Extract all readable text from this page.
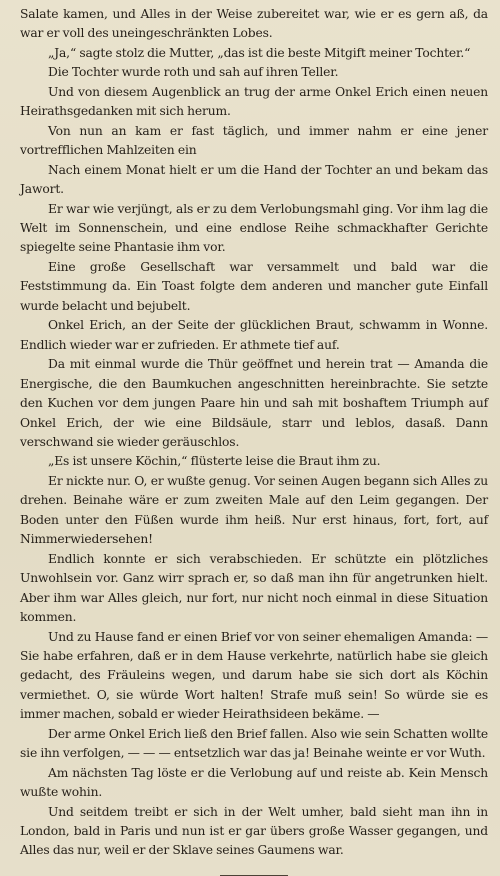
Salate kamen, und Alles in der Weise zubereitet war, wie er es gern aß, da war er voll des uneingeschränkten Lobes.

„Ja,“ sagte stolz die Mutter, „das ist die beste Mitgift meiner Tochter.“

Die Tochter wurde roth und sah auf ihren Teller.

Und von diesem Augenblick an trug der arme Onkel Erich einen neuen Heirathsgedanken mit sich herum.

Von nun an kam er fast täglich, und immer nahm er eine jener vortrefflichen Mahlzeiten ein

Nach einem Monat hielt er um die Hand der Tochter an und bekam das Jawort.

Er war wie verjüngt, als er zu dem Verlobungsmahl ging. Vor ihm lag die Welt im Sonnenschein, und eine endlose Reihe schmackhafter Gerichte spiegelte seine Phantasie ihm vor.

Eine große Gesellschaft war versammelt und bald war die Feststimmung da. Ein Toast folgte dem anderen und mancher gute Einfall wurde belacht und bejubelt.

Onkel Erich, an der Seite der glücklichen Braut, schwamm in Wonne. Endlich wieder war er zufrieden. Er athmete tief auf.

Da mit einmal wurde die Thür geöffnet und herein trat — Amanda die Energische, die den Baumkuchen angeschnitten hereinbrachte. Sie setzte den Kuchen vor dem jungen Paare hin und sah mit boshaftem Triumph auf Onkel Erich, der wie eine Bildsäule, starr und leblos, dasaß. Dann verschwand sie wieder geräuschlos.

„Es ist unsere Köchin,“ flüsterte leise die Braut ihm zu.

Er nickte nur. O, er wußte genug. Vor seinen Augen begann sich Alles zu drehen. Beinahe wäre er zum zweiten Male auf den Leim gegangen. Der Boden unter den Füßen wurde ihm heiß. Nur erst hinaus, fort, fort, auf Nimmerwiedersehen!

Endlich konnte er sich verabschieden. Er schützte ein plötzliches Unwohlsein vor. Ganz wirr sprach er, so daß man ihn für angetrunken hielt. Aber ihm war Alles gleich, nur fort, nur nicht noch einmal in diese Situation kommen.

Und zu Hause fand er einen Brief vor von seiner ehemaligen Amanda: — Sie habe erfahren, daß er in dem Hause verkehrte, natürlich habe sie gleich gedacht, des Fräuleins wegen, und darum habe sie sich dort als Köchin vermiethet. O, sie würde Wort halten! Strafe muß sein! So würde sie es immer machen, sobald er wieder Heirathsideen bekäme. —

Der arme Onkel Erich ließ den Brief fallen. Also wie sein Schatten wollte sie ihn verfolgen, — — — entsetzlich war das ja! Beinahe weinte er vor Wuth.

Am nächsten Tag löste er die Verlobung auf und reiste ab. Kein Mensch wußte wohin.

Und seitdem treibt er sich in der Welt umher, bald sieht man ihn in London, bald in Paris und nun ist er gar übers große Wasser gegangen, und Alles das nur, weil er der Sklave seines Gaumens war.
